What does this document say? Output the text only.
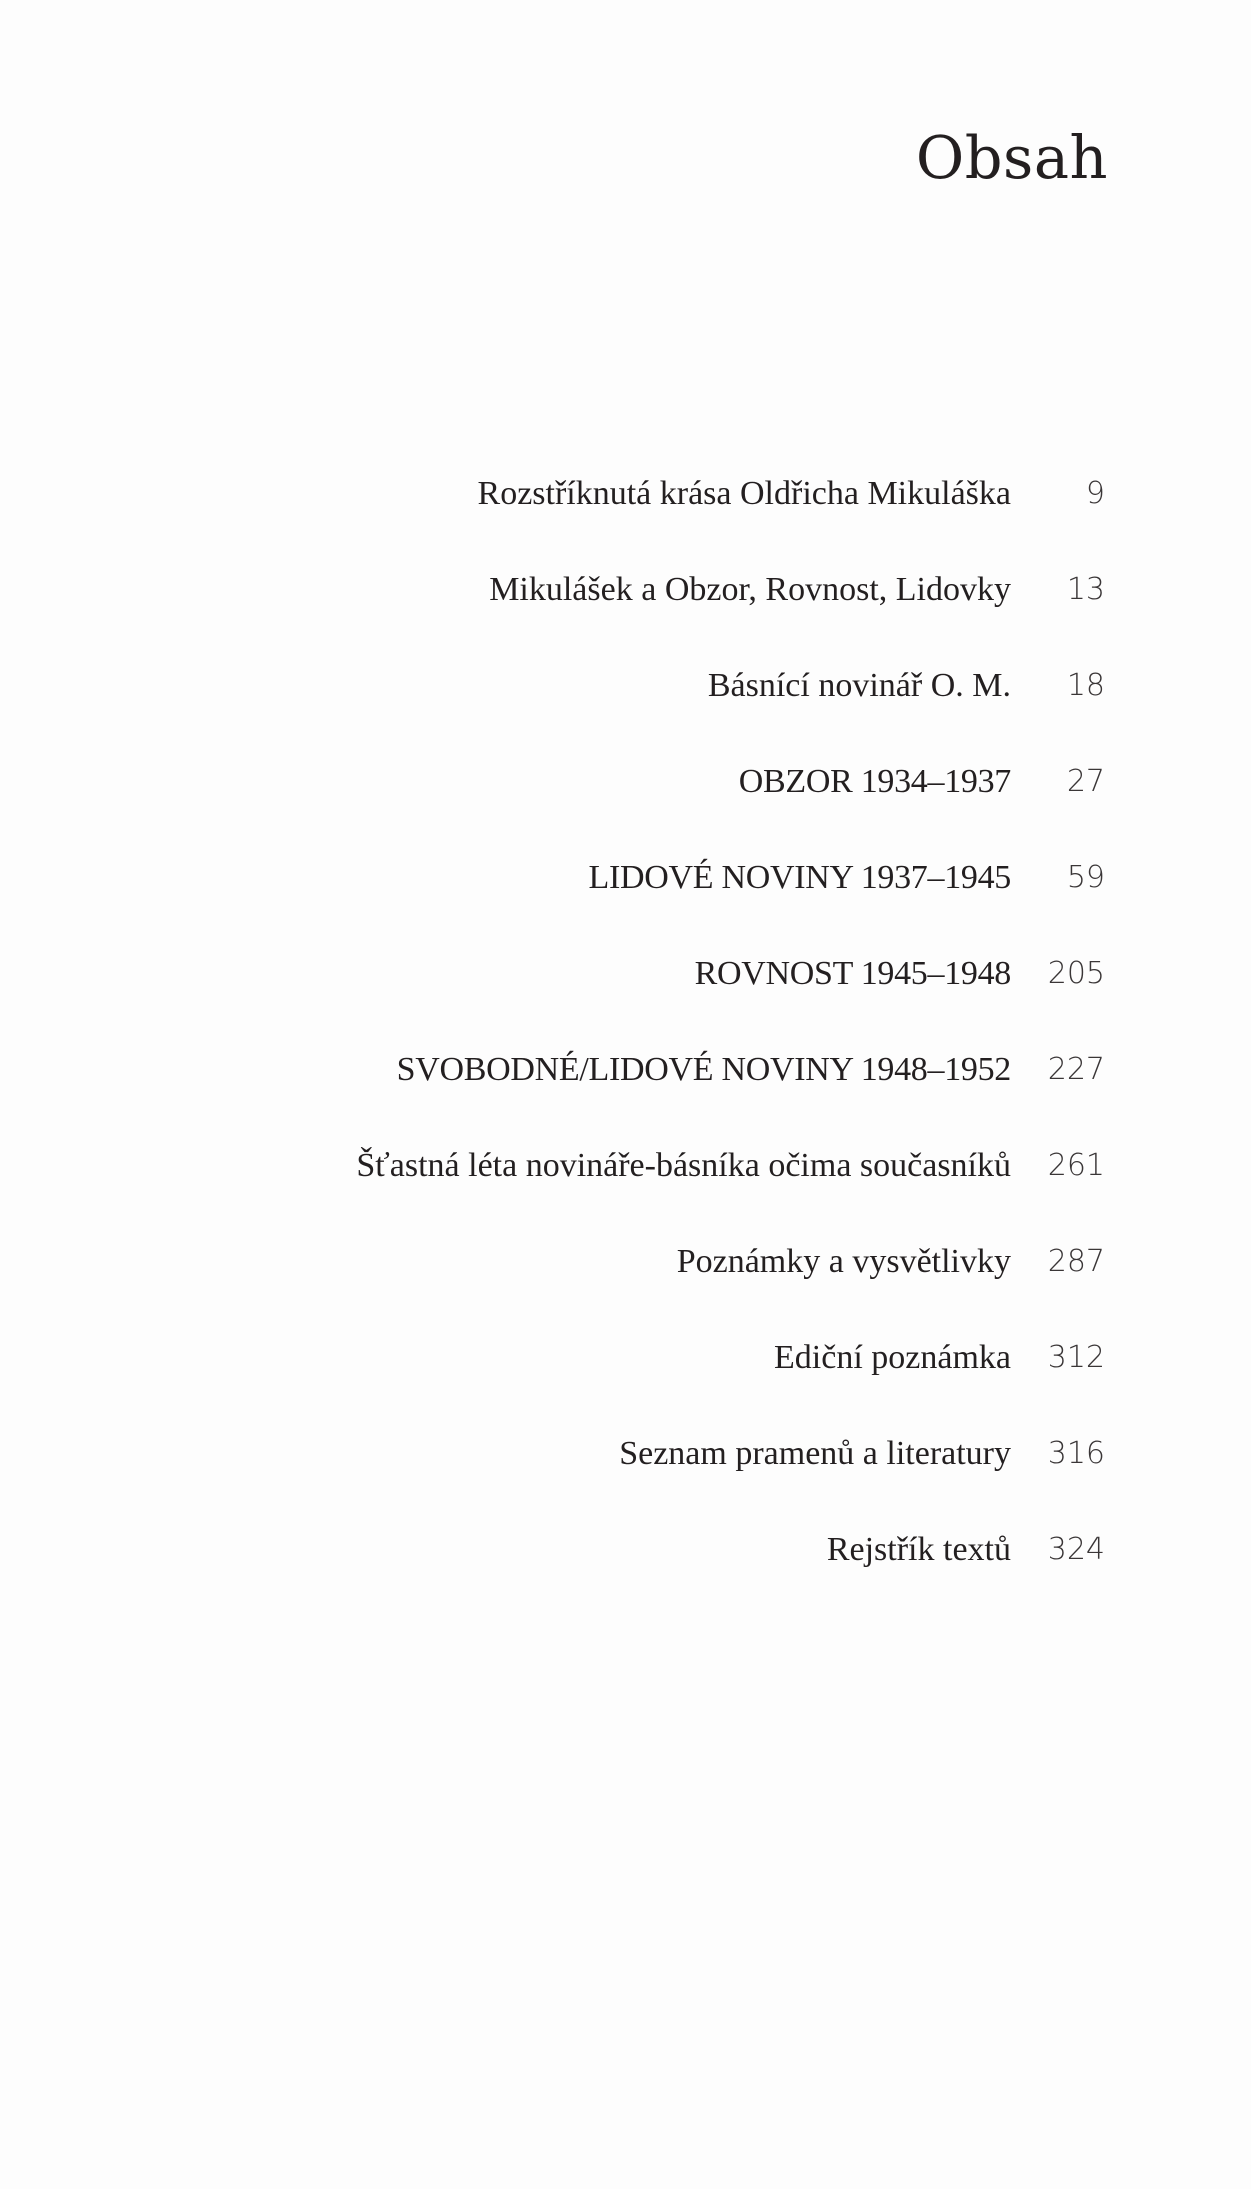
Obsah
Rozstříknutá krása Oldřicha Mikuláška 9
Mikulášek a Obzor, Rovnost, Lidovky 13
Básnící novinář O. M. 18
OBZOR 1934–1937 27
LIDOVÉ NOVINY 1937–1945 59
ROVNOST 1945–1948 205
SVOBODNÉ/LIDOVÉ NOVINY 1948–1952 227
Šťastná léta novináře-básníka očima současníků 261
Poznámky a vysvětlivky 287
Ediční poznámka 312
Seznam pramenů a literatury 316
Rejstřík textů 324
